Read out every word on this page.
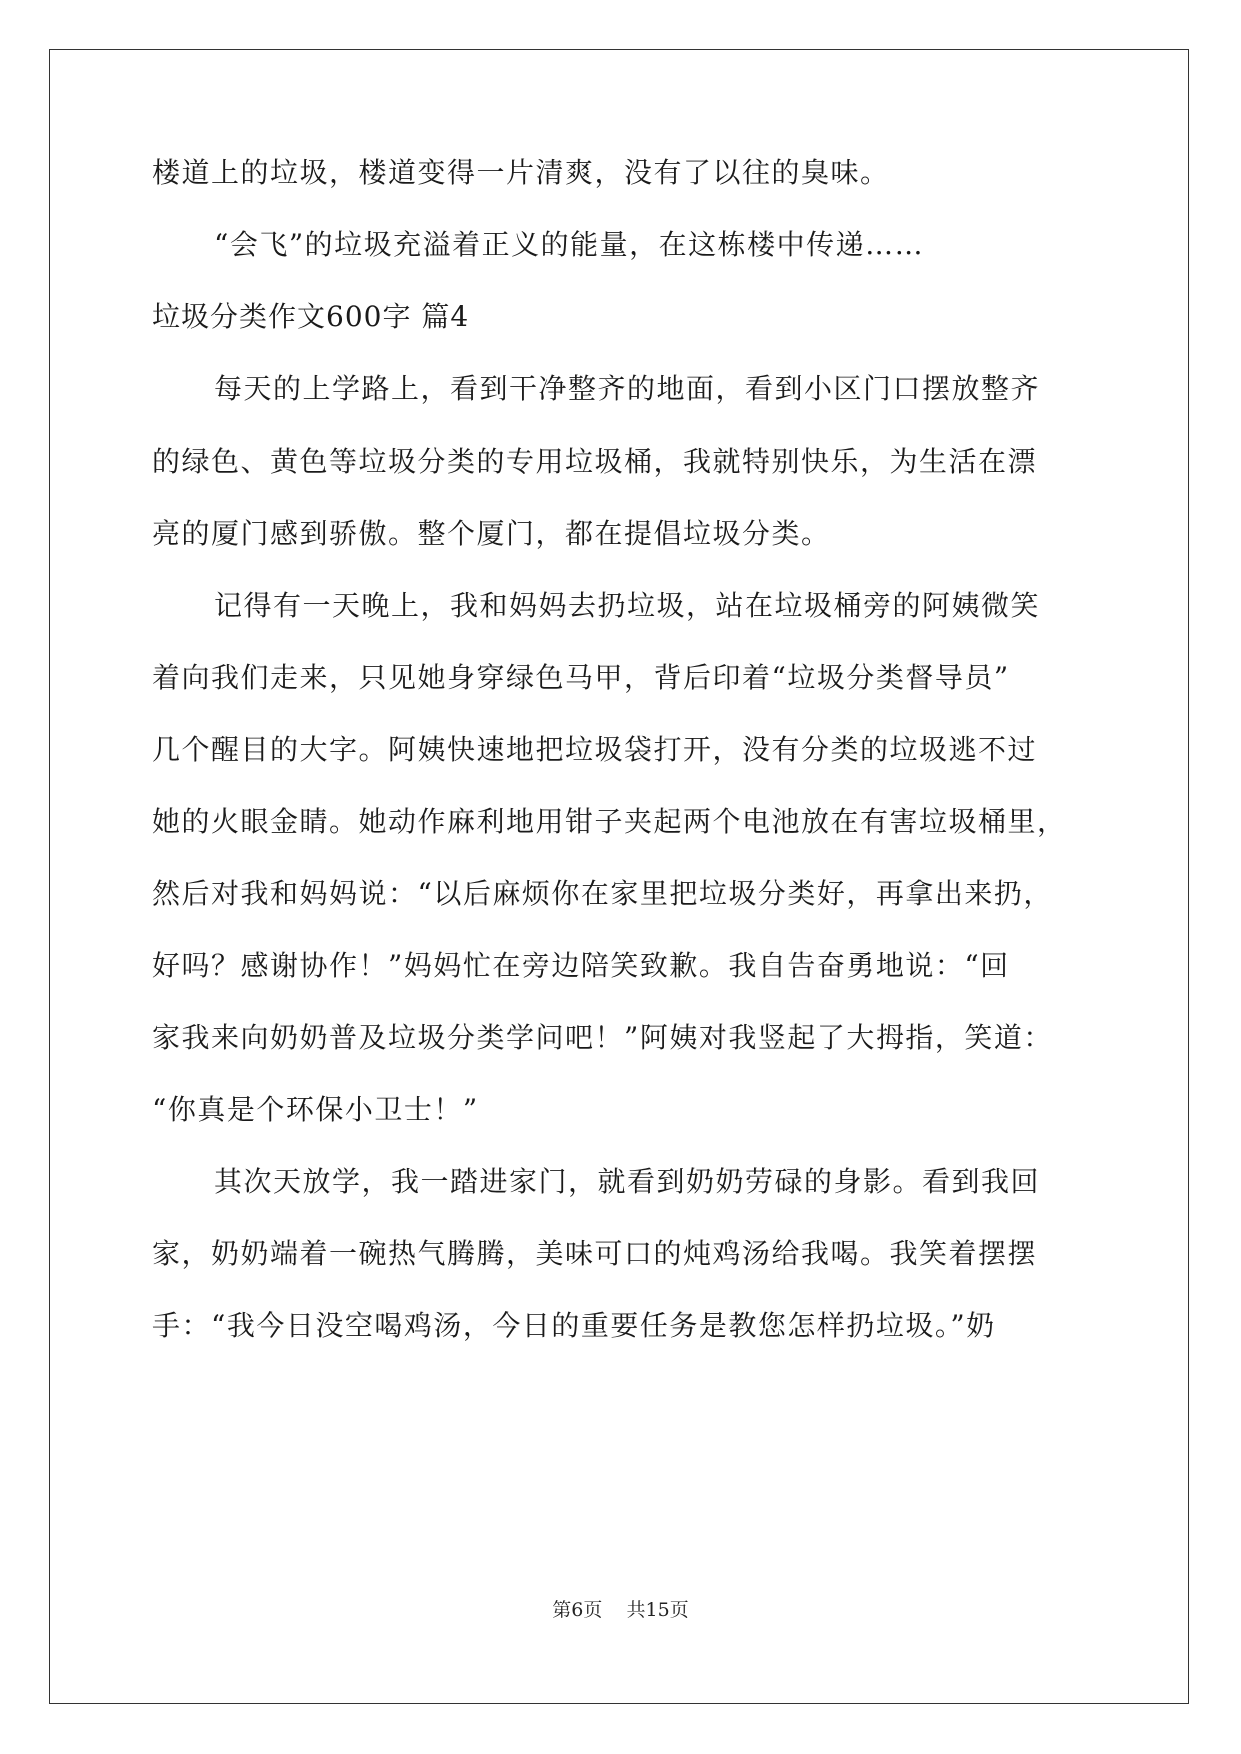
楼道上的垃圾，楼道变得一片清爽，没有了以往的臭味。
“会飞”的垃圾充溢着正义的能量，在这栋楼中传递……
垃圾分类作文600字 篇4
每天的上学路上，看到干净整齐的地面，看到小区门口摆放整齐
的绿色、黄色等垃圾分类的专用垃圾桶，我就特别快乐，为生活在漂
亮的厦门感到骄傲。整个厦门，都在提倡垃圾分类。
记得有一天晚上，我和妈妈去扔垃圾，站在垃圾桶旁的阿姨微笑
着向我们走来，只见她身穿绿色马甲，背后印着“垃圾分类督导员”
几个醒目的大字。阿姨快速地把垃圾袋打开，没有分类的垃圾逃不过
她的火眼金睛。她动作麻利地用钳子夹起两个电池放在有害垃圾桶里，
然后对我和妈妈说：“以后麻烦你在家里把垃圾分类好，再拿出来扔，
好吗？感谢协作！”妈妈忙在旁边陪笑致歉。我自告奋勇地说：“回
家我来向奶奶普及垃圾分类学问吧！”阿姨对我竖起了大拇指，笑道：
“你真是个环保小卫士！”
其次天放学，我一踏进家门，就看到奶奶劳碌的身影。看到我回
家，奶奶端着一碗热气腾腾，美味可口的炖鸡汤给我喝。我笑着摆摆
手：“我今日没空喝鸡汤，今日的重要任务是教您怎样扔垃圾。”奶
第6页 共15页
